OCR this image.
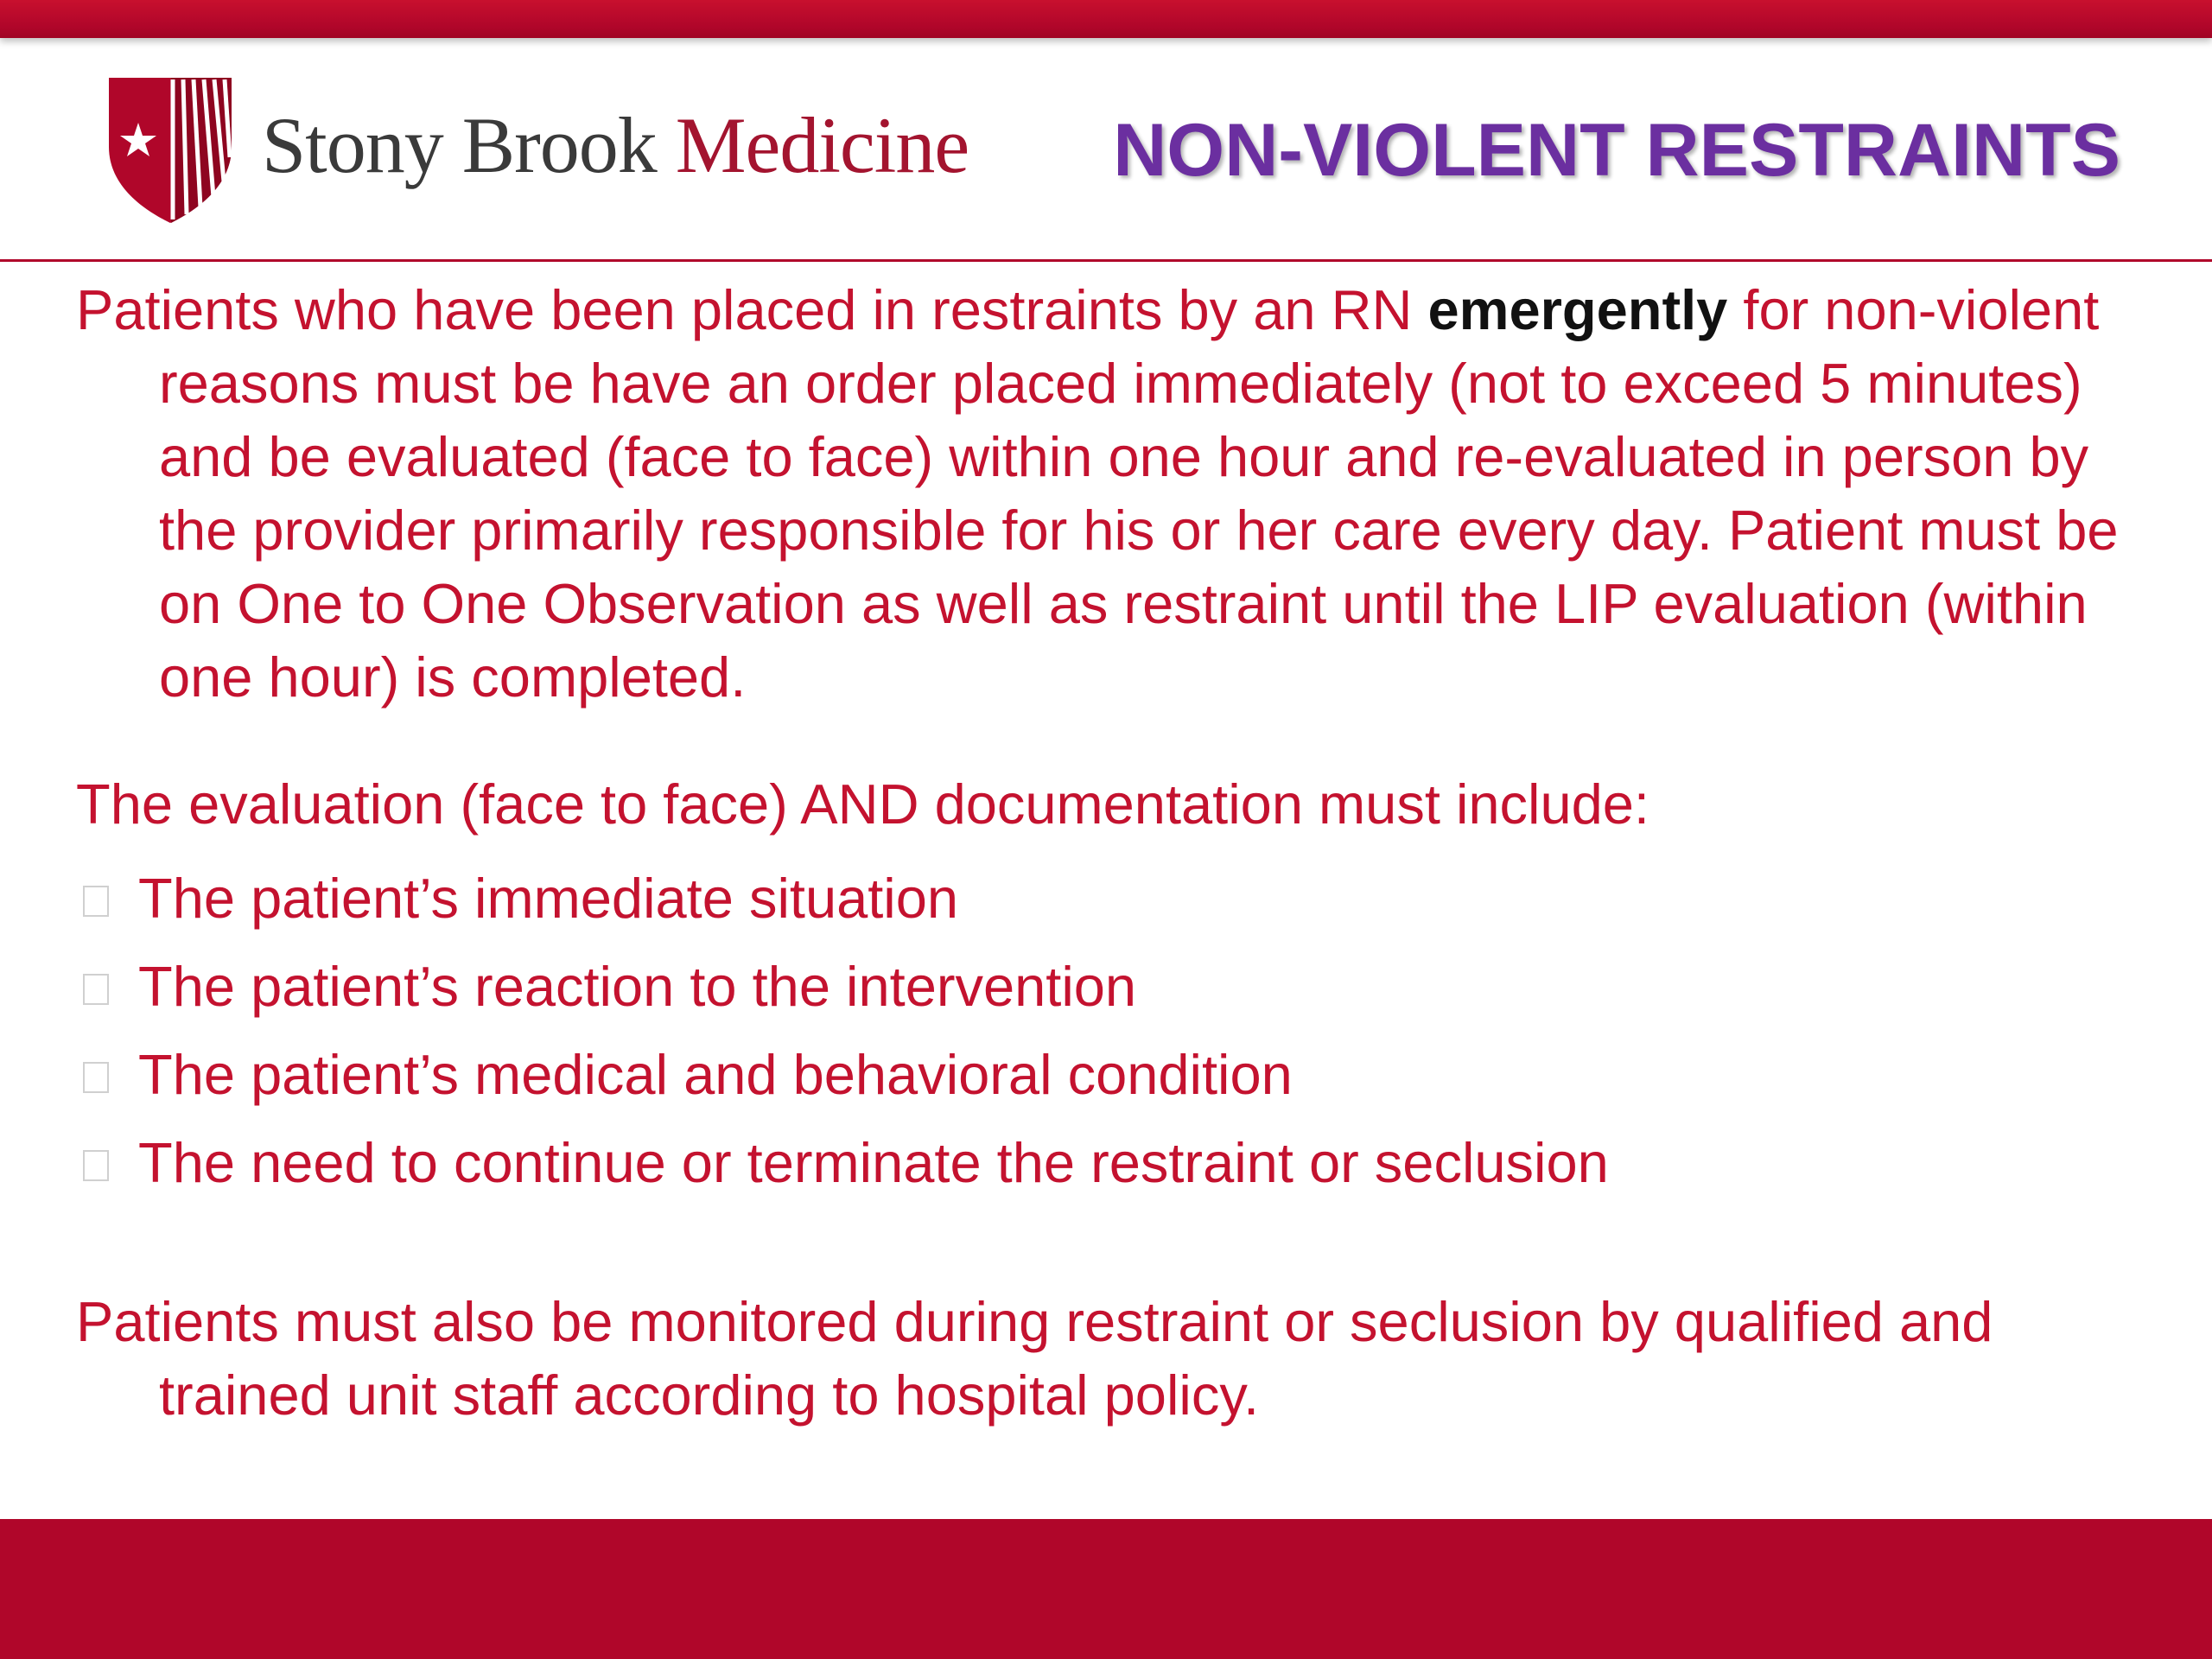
Stony Brook Medicine NON-VIOLENT RESTRAINTS

Patients who have been placed in restraints by an RN emergently for non-violent reasons must be have an order placed immediately (not to exceed 5 minutes) and be evaluated (face to face) within one hour and re-evaluated in person by the provider primarily responsible for his or her care every day. Patient must be on One to One Observation as well as restraint until the LIP evaluation (within one hour) is completed.

The evaluation (face to face) AND documentation must include:

The patient’s immediate situation
The patient’s reaction to the intervention
The patient’s medical and behavioral condition
The need to continue or terminate the restraint or seclusion

Patients must also be monitored during restraint or seclusion by qualified and trained unit staff according to hospital policy.
